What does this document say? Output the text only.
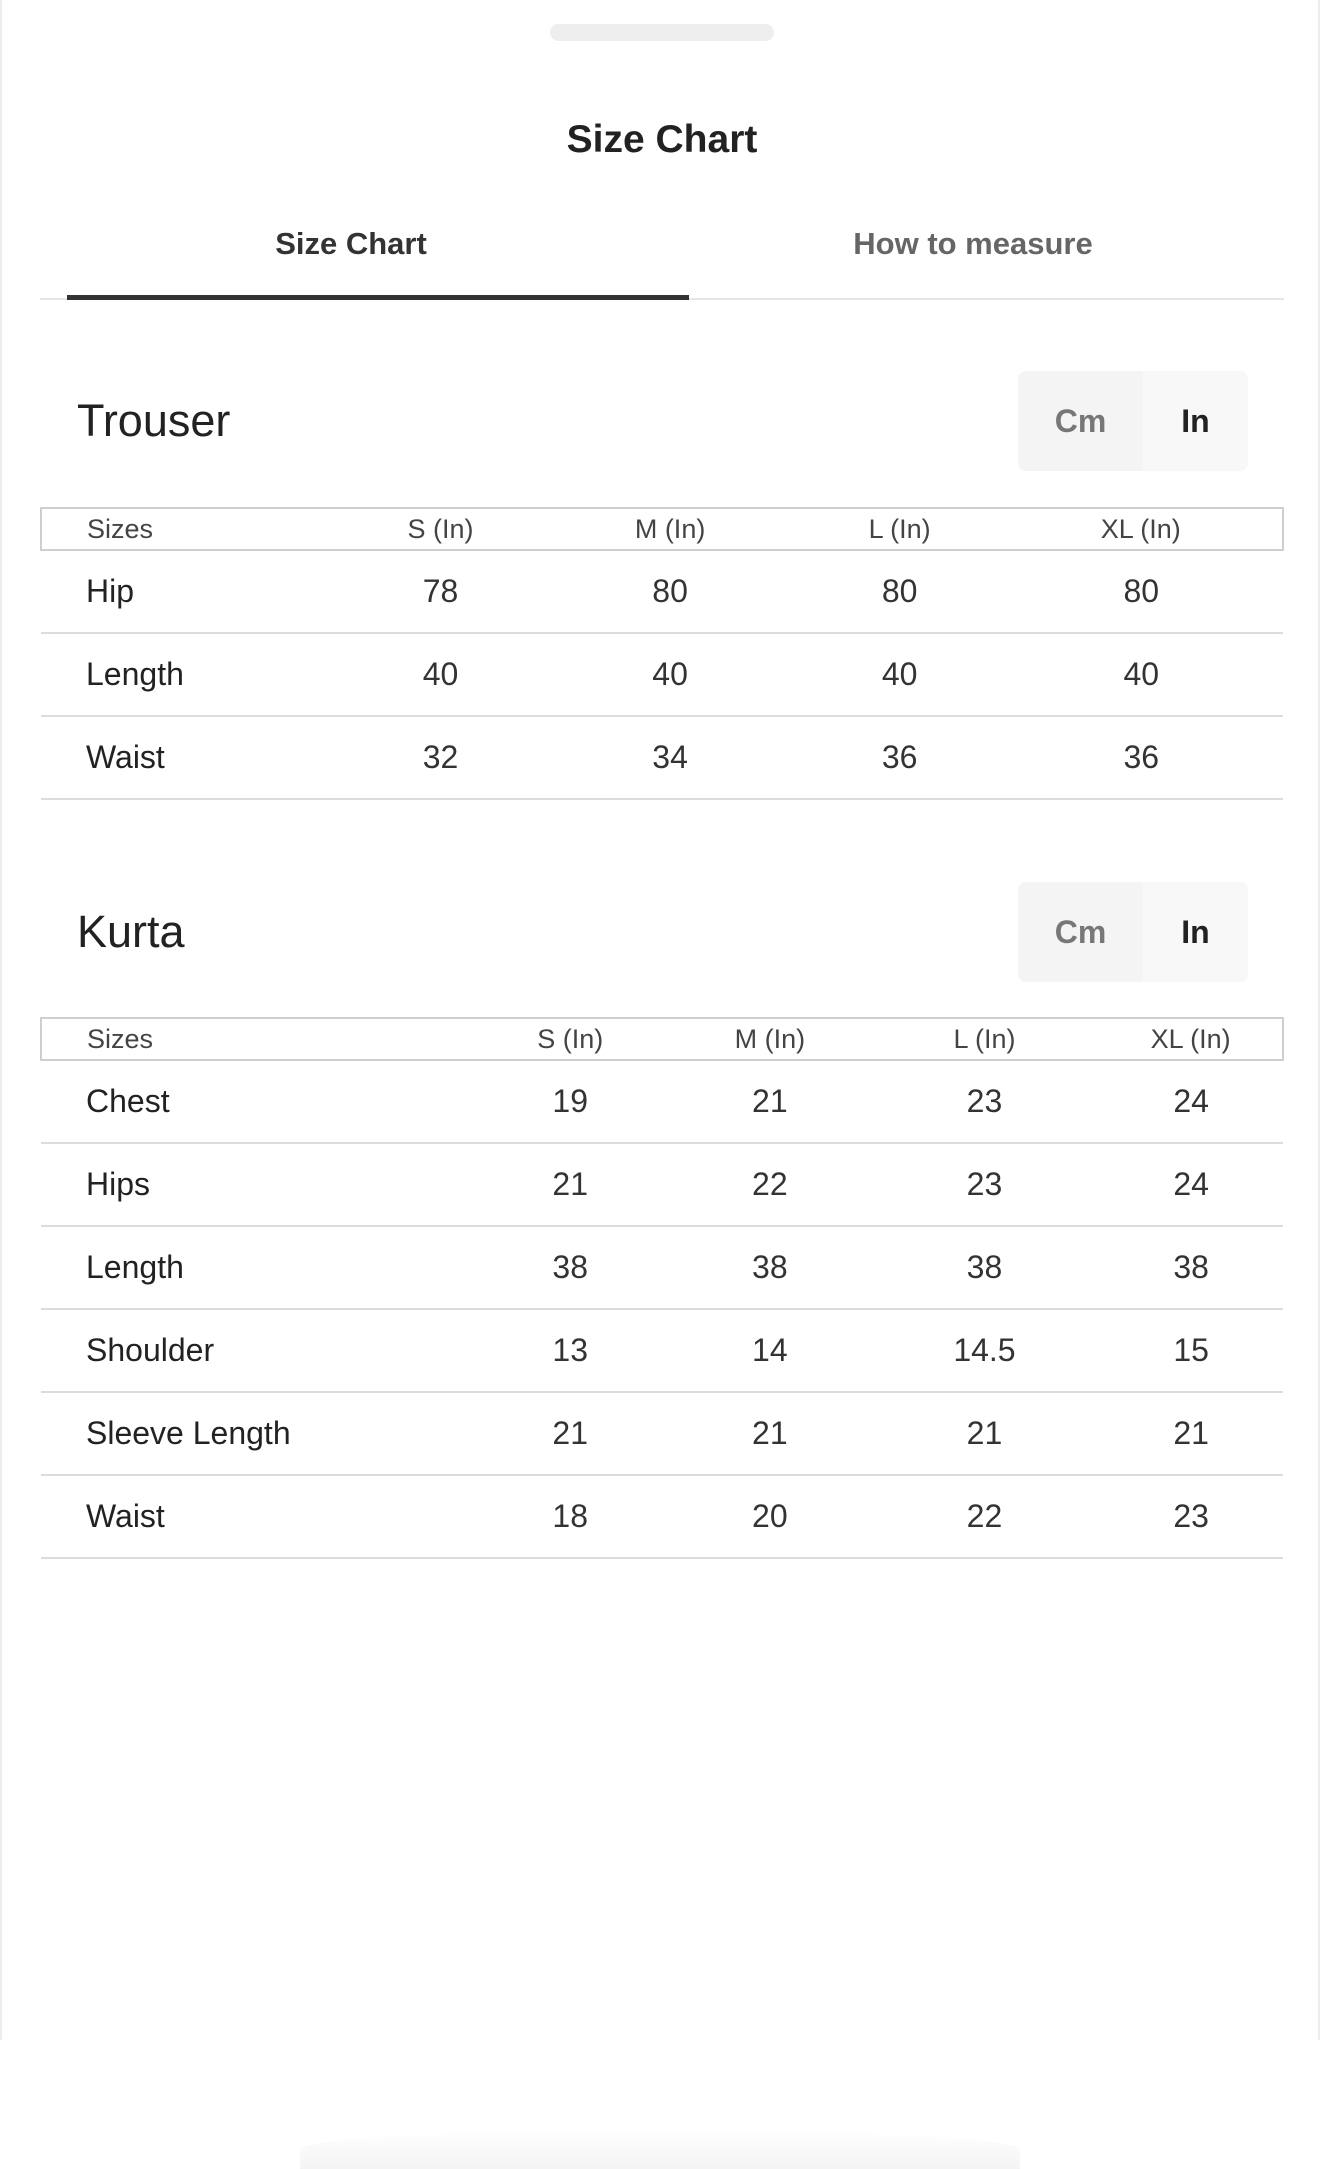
Size Chart
Size Chart	How to measure
Trouser	Cm	In
Sizes	S (In)	M (In)	L (In)	XL (In)
Hip	78	80	80	80
Length	40	40	40	40
Waist	32	34	36	36
Kurta	Cm	In
Sizes	S (In)	M (In)	L (In)	XL (In)
Chest	19	21	23	24
Hips	21	22	23	24
Length	38	38	38	38
Shoulder	13	14	14.5	15
Sleeve Length	21	21	21	21
Waist	18	20	22	23
